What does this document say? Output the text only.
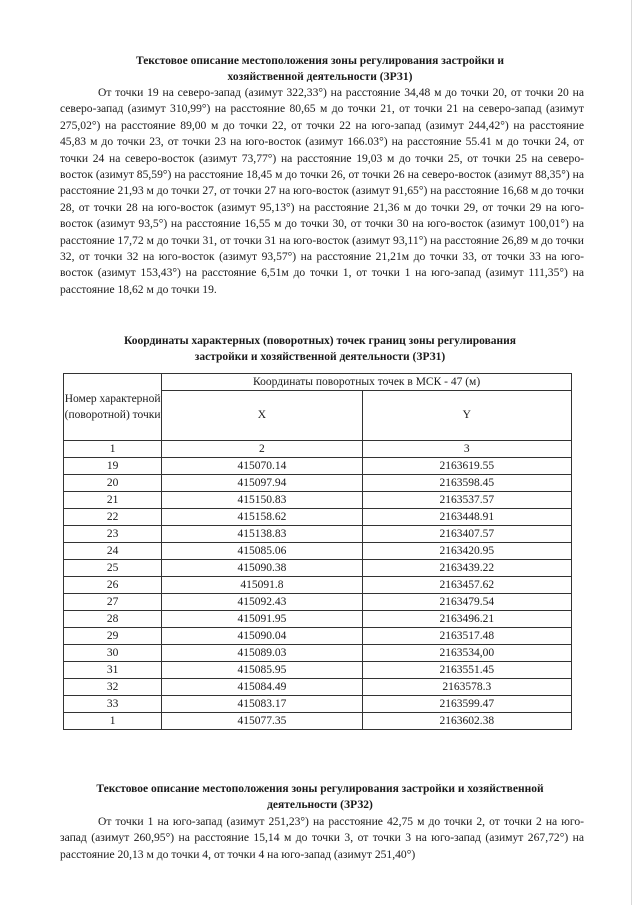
Текстовое описание местоположения зоны регулирования застройки и
хозяйственной деятельности (ЗРЗ1)
От точки 19 на северо-запад (азимут 322,33°) на расстояние 34,48 м до точки 20, от точки 20 на северо-запад (азимут 310,99°) на расстояние 80,65 м до точки 21, от точки 21 на северо-запад (азимут 275,02°) на расстояние 89,00 м до точки 22, от точки 22 на юго-запад (азимут 244,42°) на расстояние 45,83 м до точки 23, от точки 23 на юго-восток (азимут 166.03°) на расстояние 55.41 м до точки 24, от точки 24 на северо-восток (азимут 73,77°) на расстояние 19,03 м до точки 25, от точки 25 на северо-восток (азимут 85,59°) на расстояние 18,45 м до точки 26, от точки 26 на северо-восток (азимут 88,35°) на расстояние 21,93 м до точки 27, от точки 27 на юго-восток (азимут 91,65°) на расстояние 16,68 м до точки 28, от точки 28 на юго-восток (азимут 95,13°) на расстояние 21,36 м до точки 29, от точки 29 на юго-восток (азимут 93,5°) на расстояние 16,55 м до точки 30, от точки 30 на юго-восток (азимут 100,01°) на расстояние 17,72 м до точки 31, от точки 31 на юго-восток (азимут 93,11°) на расстояние 26,89 м до точки 32, от точки 32 на юго-восток (азимут 93,57°) на расстояние 21,21м до точки 33, от точки 33 на юго-восток (азимут 153,43°) на расстояние 6,51м до точки 1, от точки 1 на юго-запад (азимут 111,35°) на расстояние 18,62 м до точки 19.
Координаты характерных (поворотных) точек границ зоны регулирования
застройки и хозяйственной деятельности (ЗРЗ1)
Номер характерной (поворотной) точки	Координаты поворотных точек в МСК - 47 (м)	
	X	Y
1	2	3
19	415070.14	2163619.55
20	415097.94	2163598.45
21	415150.83	2163537.57
22	415158.62	2163448.91
23	415138.83	2163407.57
24	415085.06	2163420.95
25	415090.38	2163439.22
26	415091.8	2163457.62
27	415092.43	2163479.54
28	415091.95	2163496.21
29	415090.04	2163517.48
30	415089.03	2163534,00
31	415085.95	2163551.45
32	415084.49	2163578.3
33	415083.17	2163599.47
1	415077.35	2163602.38
Текстовое описание местоположения зоны регулирования застройки и хозяйственной
деятельности (ЗРЗ2)
От точки 1 на юго-запад (азимут 251,23°) на расстояние 42,75 м до точки 2, от точки 2 на юго-запад (азимут 260,95°) на расстояние 15,14 м до точки 3, от точки 3 на юго-запад (азимут 267,72°) на расстояние 20,13 м до точки 4, от точки 4 на юго-запад (азимут 251,40°)
